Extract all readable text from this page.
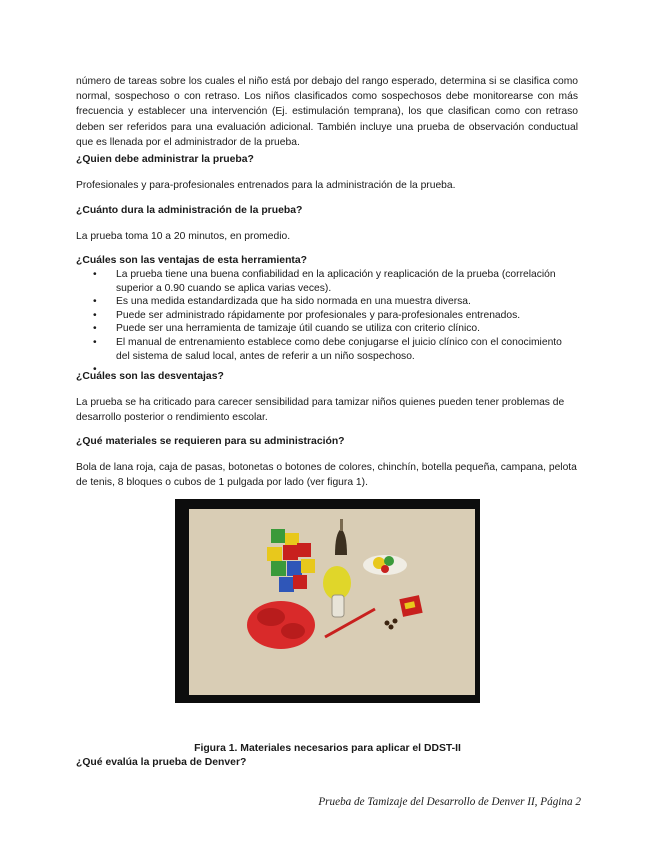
número de tareas sobre los cuales el niño está por debajo del rango esperado, determina si se clasifica como normal, sospechoso o con retraso. Los niños clasificados como sospechosos debe monitorearse con más frecuencia y establecer una intervención (Ej. estimulación temprana), los que clasifican como con retraso deben ser referidos para una evaluación adicional. También incluye una prueba de observación conductual que es llenada por el administrador de la prueba.

¿Quien debe administrar la prueba?

Profesionales y para-profesionales entrenados para la administración de la prueba.

¿Cuánto dura la administración de la prueba?

La prueba toma 10 a 20 minutos, en promedio.

¿Cuáles son las ventajas de esta herramienta?

• La prueba tiene una buena confiabilidad en la aplicación y reaplicación de la prueba (correlación superior a 0.90 cuando se aplica varias veces).
• Es una medida estandardizada que ha sido normada en una muestra diversa.
• Puede ser administrado rápidamente por profesionales y para-profesionales entrenados.
• Puede ser una herramienta de tamizaje útil cuando se utiliza con criterio clínico.
• El manual de entrenamiento establece como debe conjugarse el juicio clínico con el conocimiento del sistema de salud local, antes de referir a un niño sospechoso.
•

¿Cuáles son las desventajas?

La prueba se ha criticado para carecer sensibilidad para tamizar niños quienes pueden tener problemas de desarrollo posterior o rendimiento escolar.

¿Qué materiales se requieren para su administración?

Bola de lana roja, caja de pasas, botonetas o botones de colores, chinchín, botella pequeña, campana, pelota de tenis, 8 bloques o cubos de 1 pulgada por lado (ver figura 1).

Figura 1. Materiales necesarios para aplicar el DDST-II

¿Qué evalúa la prueba de Denver?

Prueba de Tamizaje del Desarrollo de Denver II, Página 2
